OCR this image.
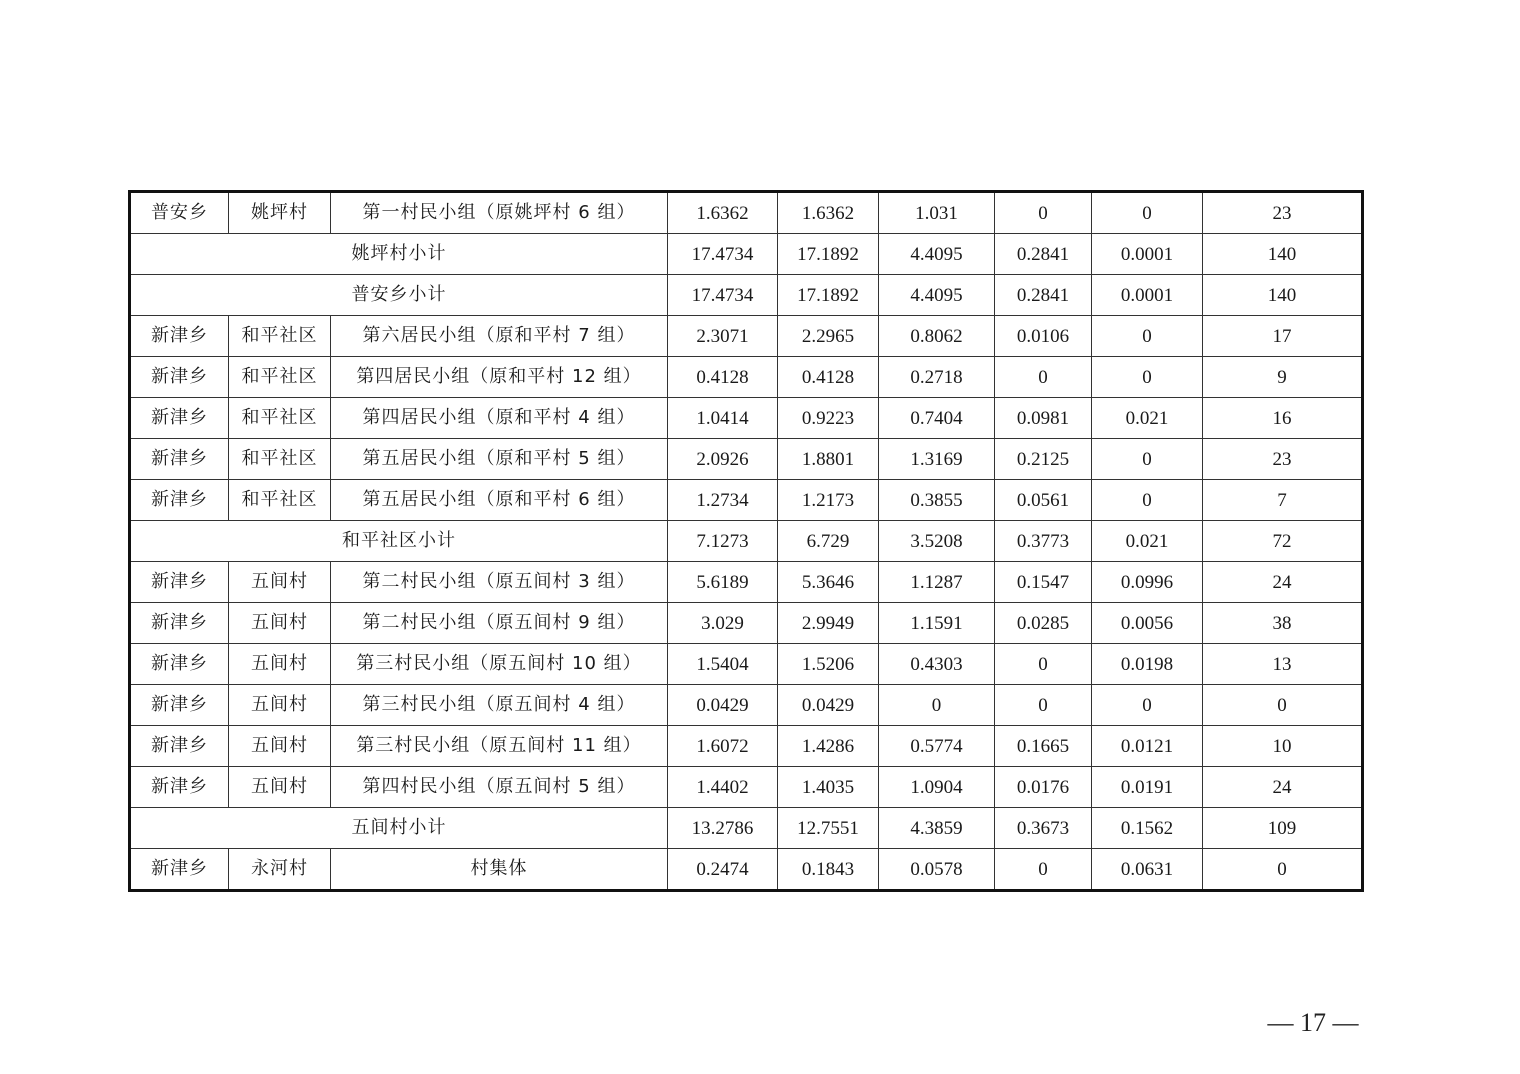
普安乡	姚坪村	第一村民小组（原姚坪村 6 组）	1.6362	1.6362	1.031	0	0	23
姚坪村小计			17.4734	17.1892	4.4095	0.2841	0.0001	140
普安乡小计			17.4734	17.1892	4.4095	0.2841	0.0001	140
新津乡	和平社区	第六居民小组（原和平村 7 组）	2.3071	2.2965	0.8062	0.0106	0	17
新津乡	和平社区	第四居民小组（原和平村 12 组）	0.4128	0.4128	0.2718	0	0	9
新津乡	和平社区	第四居民小组（原和平村 4 组）	1.0414	0.9223	0.7404	0.0981	0.021	16
新津乡	和平社区	第五居民小组（原和平村 5 组）	2.0926	1.8801	1.3169	0.2125	0	23
新津乡	和平社区	第五居民小组（原和平村 6 组）	1.2734	1.2173	0.3855	0.0561	0	7
和平社区小计			7.1273	6.729	3.5208	0.3773	0.021	72
新津乡	五间村	第二村民小组（原五间村 3 组）	5.6189	5.3646	1.1287	0.1547	0.0996	24
新津乡	五间村	第二村民小组（原五间村 9 组）	3.029	2.9949	1.1591	0.0285	0.0056	38
新津乡	五间村	第三村民小组（原五间村 10 组）	1.5404	1.5206	0.4303	0	0.0198	13
新津乡	五间村	第三村民小组（原五间村 4 组）	0.0429	0.0429	0	0	0	0
新津乡	五间村	第三村民小组（原五间村 11 组）	1.6072	1.4286	0.5774	0.1665	0.0121	10
新津乡	五间村	第四村民小组（原五间村 5 组）	1.4402	1.4035	1.0904	0.0176	0.0191	24
五间村小计			13.2786	12.7551	4.3859	0.3673	0.1562	109
新津乡	永河村	村集体	0.2474	0.1843	0.0578	0	0.0631	0
— 17 —
